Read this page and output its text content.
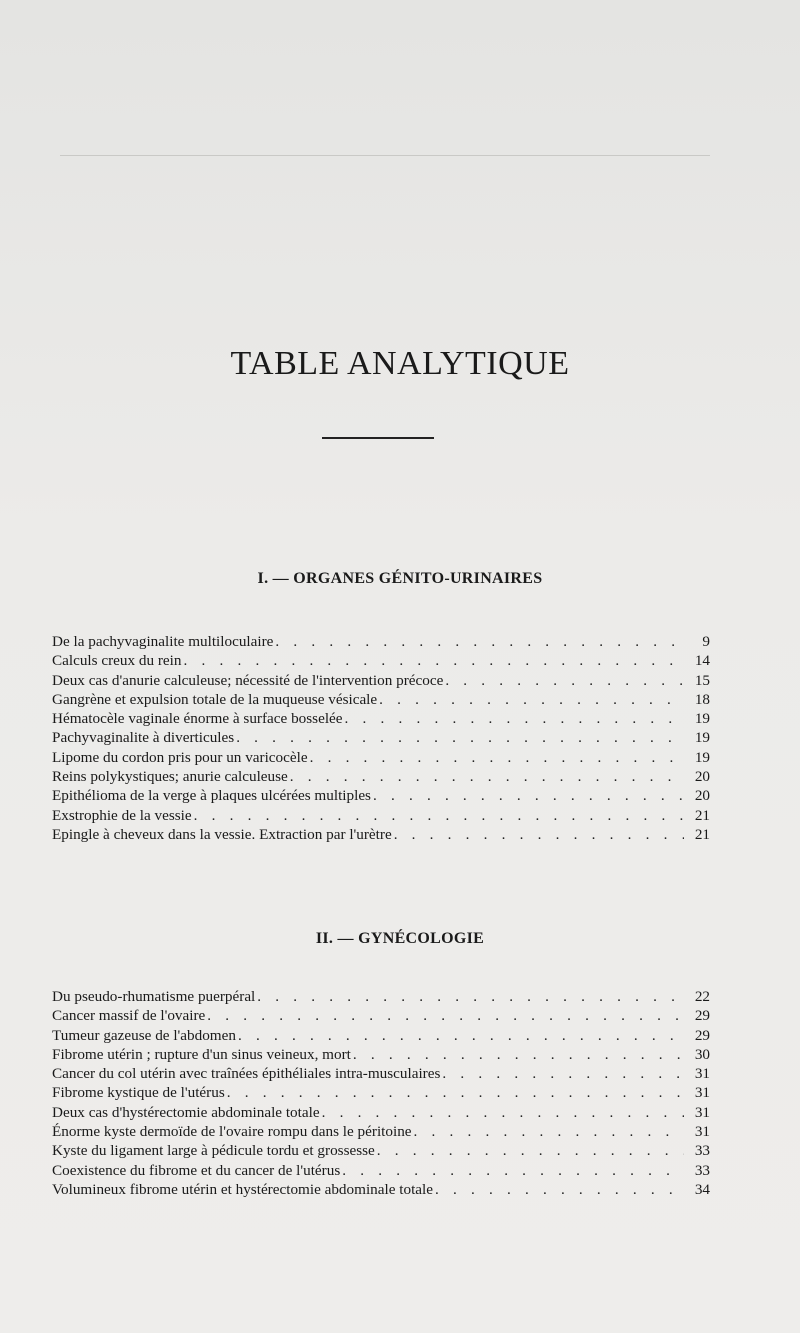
TABLE ANALYTIQUE
I. — ORGANES GÉNITO-URINAIRES
De la pachyvaginalite multiloculaire . . .	9
Calculs creux du rein . . .	14
Deux cas d'anurie calculeuse; nécessité de l'intervention précoce . . .	15
Gangrène et expulsion totale de la muqueuse vésicale . . .	18
Hématocèle vaginale énorme à surface bosselée . . .	19
Pachyvaginalite à diverticules . . .	19
Lipome du cordon pris pour un varicocèle . . .	19
Reins polykystiques; anurie calculeuse . . .	20
Epithélioma de la verge à plaques ulcérées multiples . . .	20
Exstrophie de la vessie . . .	21
Epingle à cheveux dans la vessie. Extraction par l'urètre . . .	21
II. — GYNÉCOLOGIE
Du pseudo-rhumatisme puerpéral . . .	22
Cancer massif de l'ovaire . . .	29
Tumeur gazeuse de l'abdomen . . .	29
Fibrome utérin ; rupture d'un sinus veineux, mort . . .	30
Cancer du col utérin avec traînées épithéliales intra-musculaires . . .	31
Fibrome kystique de l'utérus . . .	31
Deux cas d'hystérectomie abdominale totale . . .	31
Énorme kyste dermoïde de l'ovaire rompu dans le péritoine . . .	31
Kyste du ligament large à pédicule tordu et grossesse . . .	33
Coexistence du fibrome et du cancer de l'utérus . . .	33
Volumineux fibrome utérin et hystérectomie abdominale totale . . .	34
